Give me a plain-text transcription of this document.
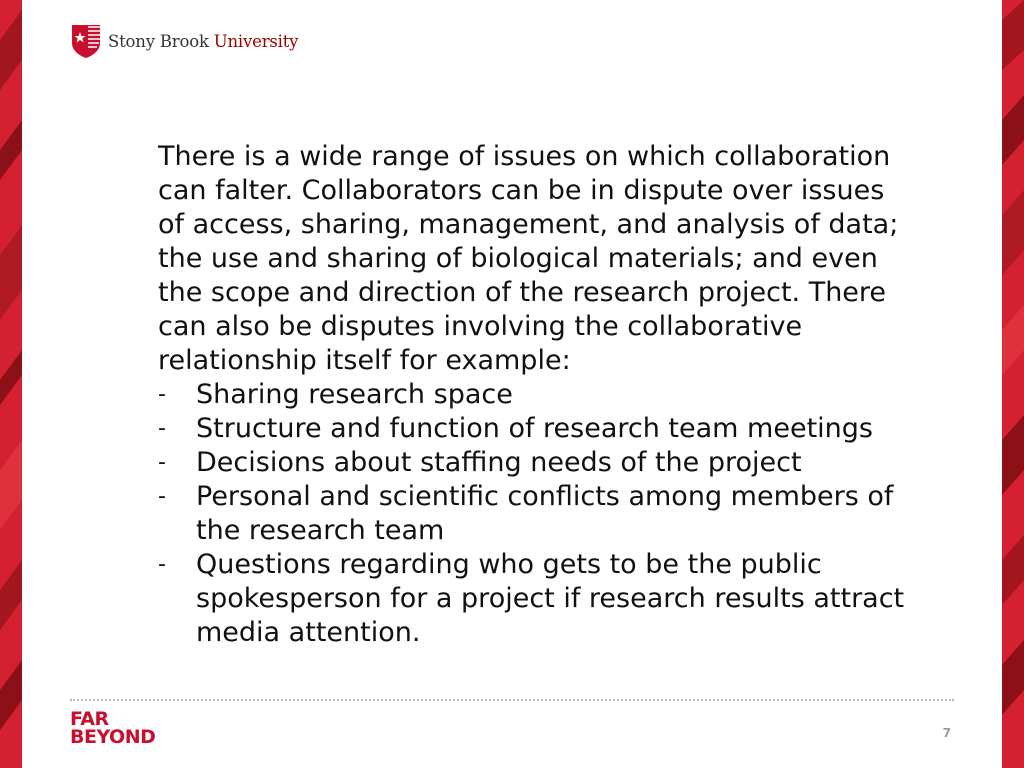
Stony Brook University

There is a wide range of issues on which collaboration can falter. Collaborators can be in dispute over issues of access, sharing, management, and analysis of data; the use and sharing of biological materials; and even the scope and direction of the research project. There can also be disputes involving the collaborative relationship itself for example:

- Sharing research space
- Structure and function of research team meetings
- Decisions about staffing needs of the project
- Personal and scientific conflicts among members of the research team
- Questions regarding who gets to be the public spokesperson for a project if research results attract media attention.
FAR
BEYOND	7
